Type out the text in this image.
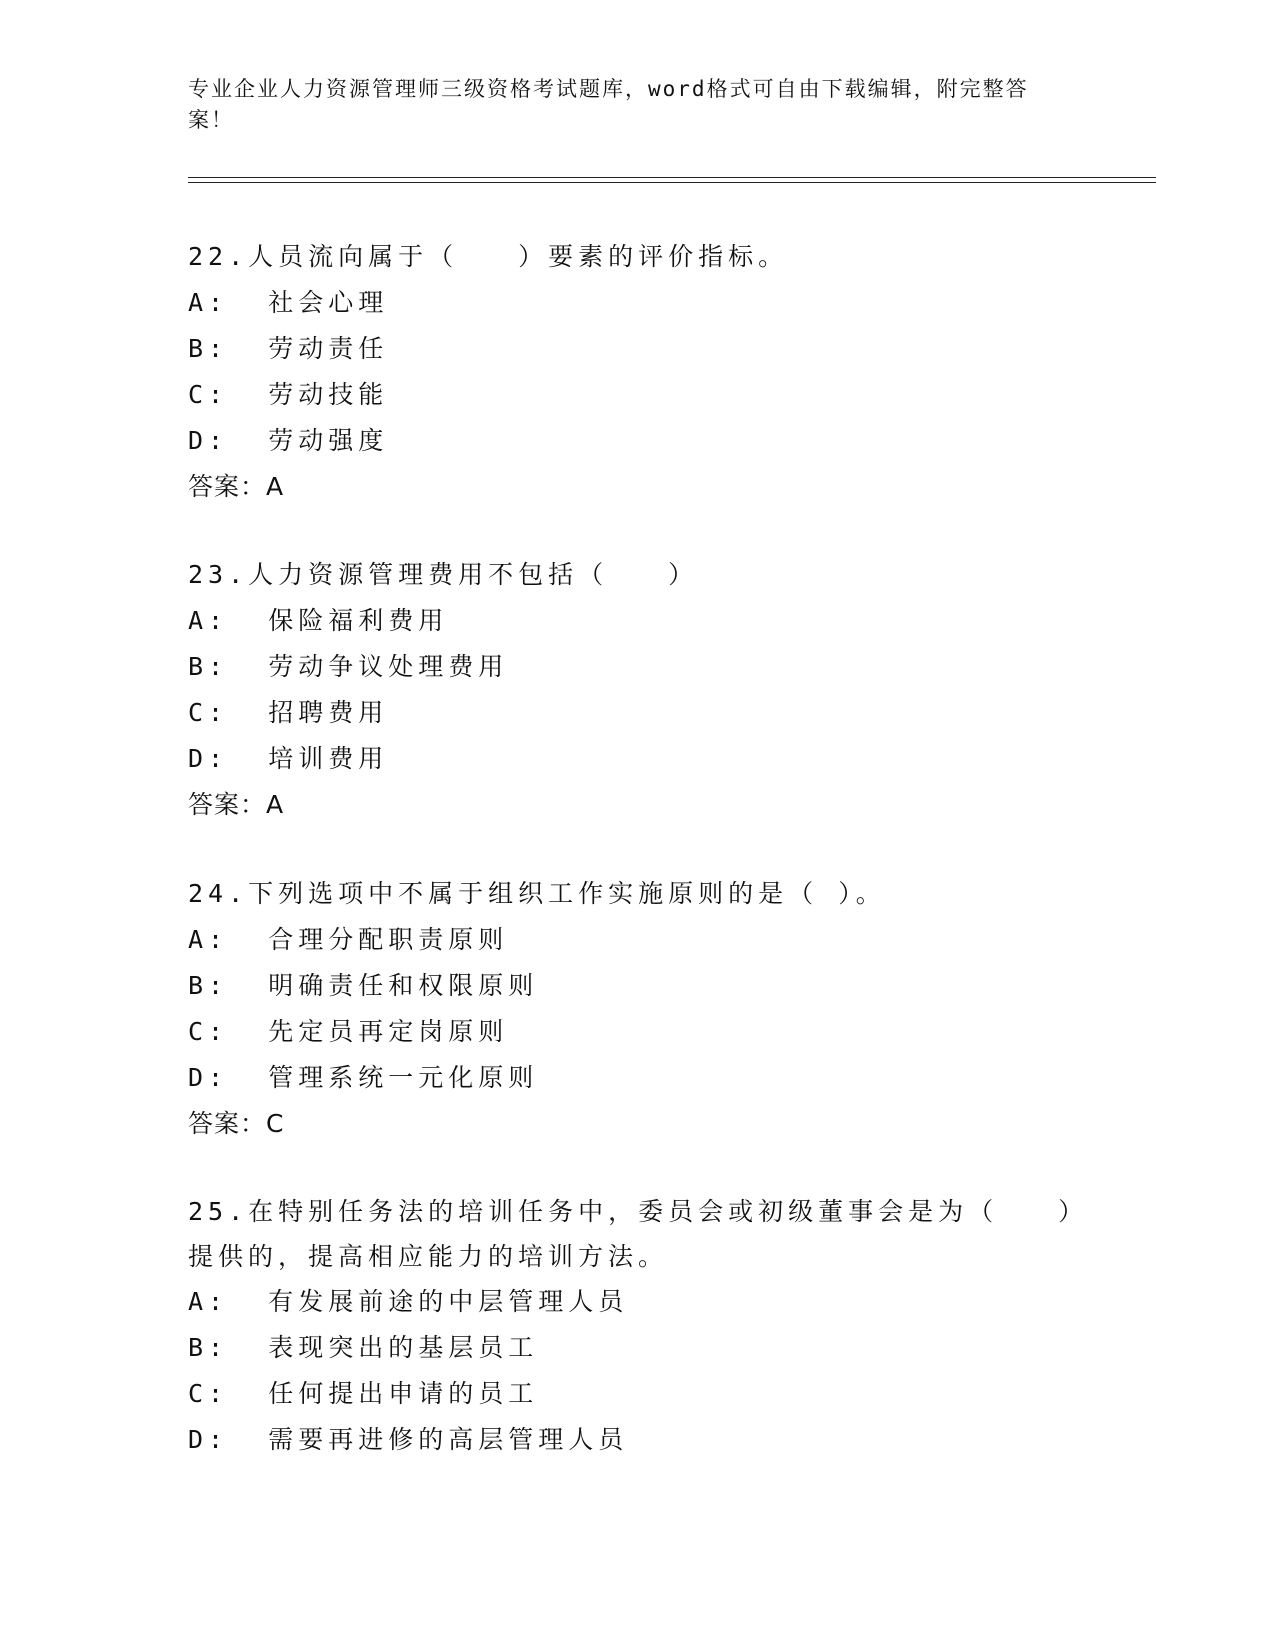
专业企业人力资源管理师三级资格考试题库，word格式可自由下载编辑，附完整答案！
22.人员流向属于（　　）要素的评价指标。
A:  社会心理
B:  劳动责任
C:  劳动技能
D:  劳动强度
答案：A
23.人力资源管理费用不包括（　　）
A:  保险福利费用
B:  劳动争议处理费用
C:  招聘费用
D:  培训费用
答案：A
24.下列选项中不属于组织工作实施原则的是（ ）。
A:  合理分配职责原则
B:  明确责任和权限原则
C:  先定员再定岗原则
D:  管理系统一元化原则
答案：C
25.在特别任务法的培训任务中，委员会或初级董事会是为（　　）提供的，提高相应能力的培训方法。
A:  有发展前途的中层管理人员
B:  表现突出的基层员工
C:  任何提出申请的员工
D:  需要再进修的高层管理人员
